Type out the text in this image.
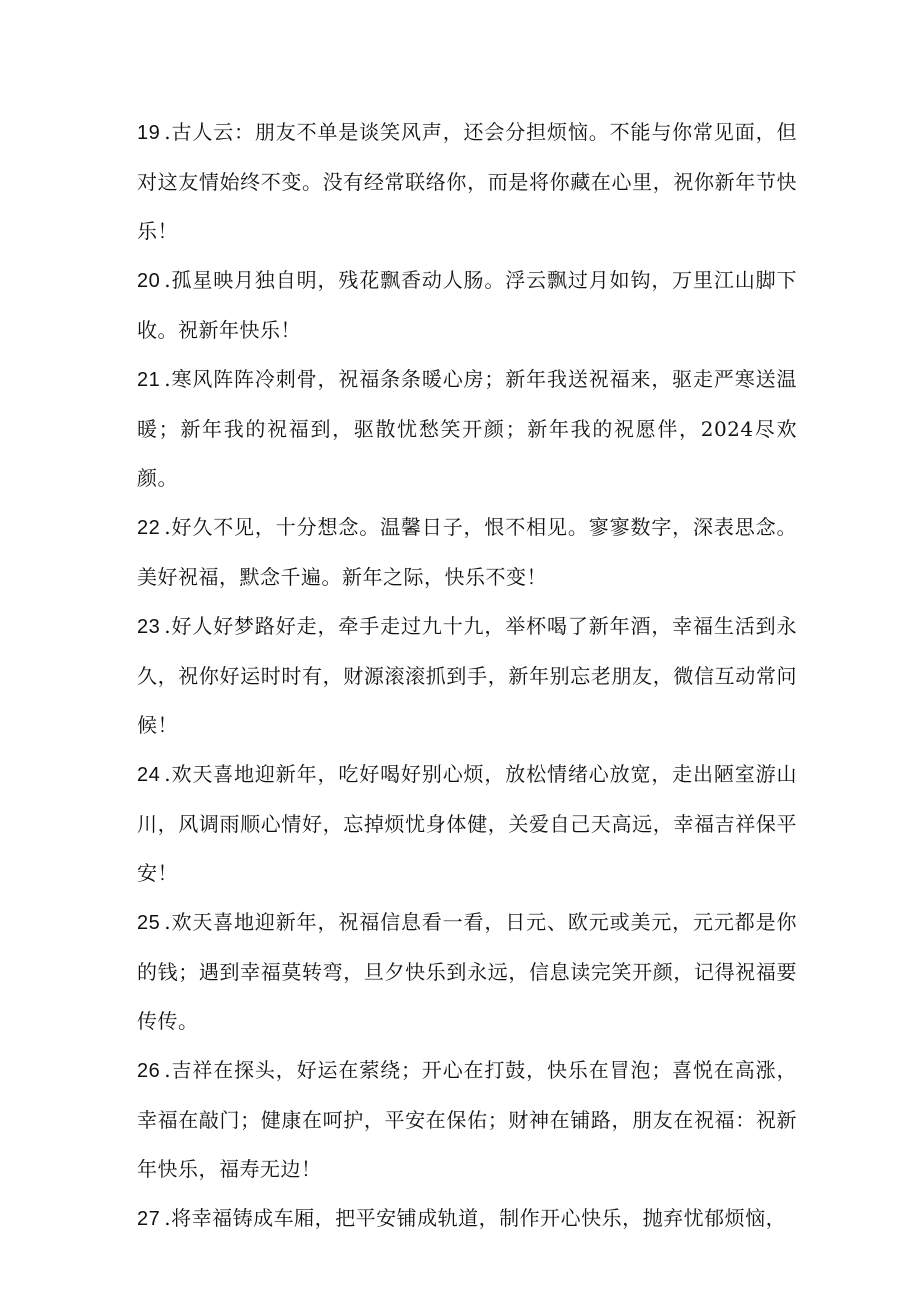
19 .古人云：朋友不单是谈笑风声，还会分担烦恼。不能与你常见面，但对这友情始终不变。没有经常联络你，而是将你藏在心里，祝你新年节快乐！

20 .孤星映月独自明，残花飘香动人肠。浮云飘过月如钩，万里江山脚下收。祝新年快乐！

21 .寒风阵阵冷刺骨，祝福条条暖心房；新年我送祝福来，驱走严寒送温暖；新年我的祝福到，驱散忧愁笑开颜；新年我的祝愿伴，2024尽欢颜。

22 .好久不见，十分想念。温馨日子，恨不相见。寥寥数字，深表思念。美好祝福，默念千遍。新年之际，快乐不变！

23 .好人好梦路好走，牵手走过九十九，举杯喝了新年酒，幸福生活到永久，祝你好运时时有，财源滚滚抓到手，新年别忘老朋友，微信互动常问候！

24 .欢天喜地迎新年，吃好喝好别心烦，放松情绪心放宽，走出陋室游山川，风调雨顺心情好，忘掉烦忧身体健，关爱自己天高远，幸福吉祥保平安！

25 .欢天喜地迎新年，祝福信息看一看，日元、欧元或美元，元元都是你的钱；遇到幸福莫转弯，旦夕快乐到永远，信息读完笑开颜，记得祝福要传传。

26 .吉祥在探头，好运在萦绕；开心在打鼓，快乐在冒泡；喜悦在高涨，幸福在敲门；健康在呵护，平安在保佑；财神在铺路，朋友在祝福：祝新年快乐，福寿无边！

27 .将幸福铸成车厢，把平安铺成轨道，制作开心快乐，抛弃忧郁烦恼，
